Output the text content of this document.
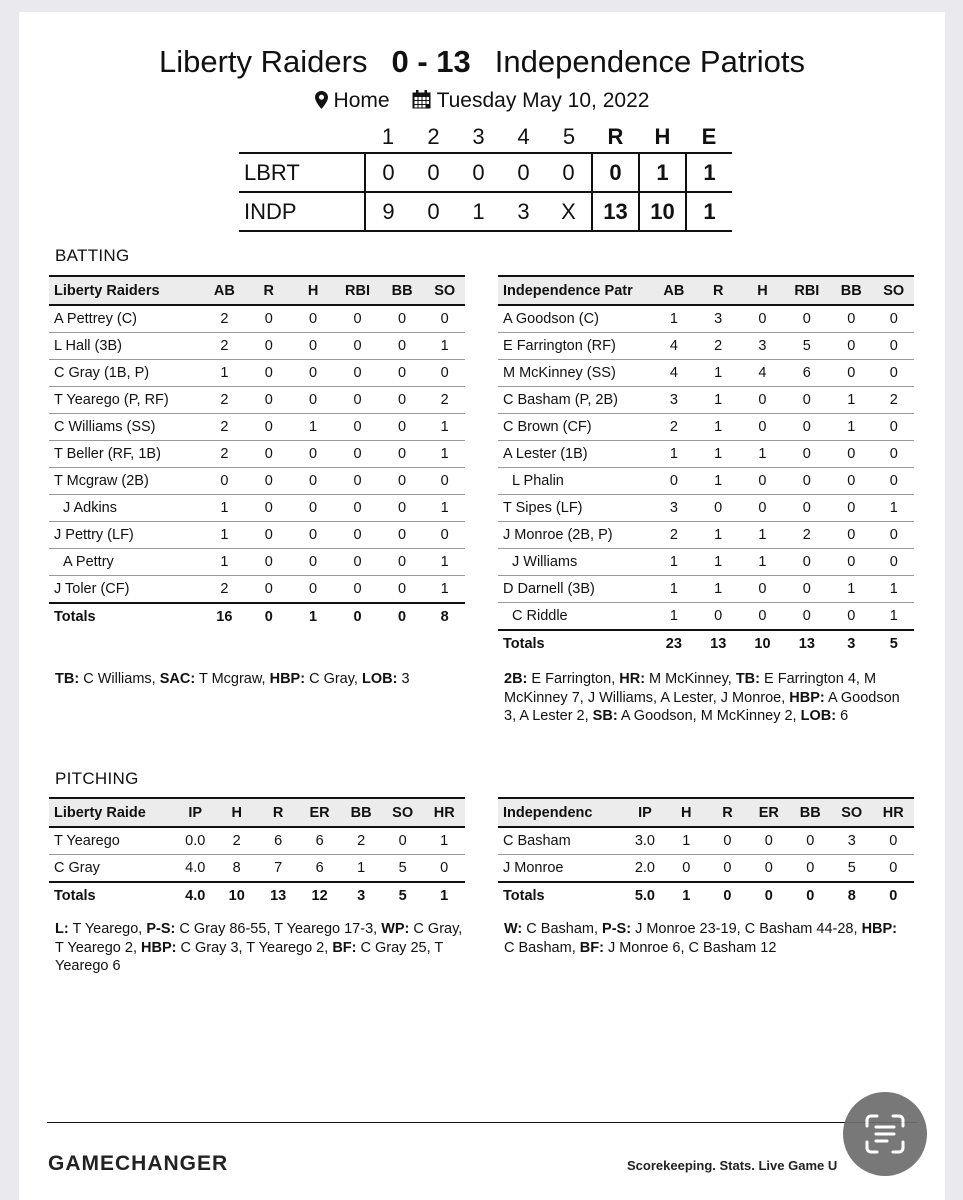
Liberty Raiders 0 - 13 Independence Patriots
Home Tuesday May 10, 2022
	1	2	3	4	5	R	H	E
LBRT	0	0	0	0	0	0	1	1
INDP	9	0	1	3	X	13	10	1
BATTING
Liberty Raiders	AB	R	H	RBI	BB	SO
A Pettrey (C)	2	0	0	0	0	0
L Hall (3B)	2	0	0	0	0	1
C Gray (1B, P)	1	0	0	0	0	0
T Yearego (P, RF)	2	0	0	0	0	2
C Williams (SS)	2	0	1	0	0	1
T Beller (RF, 1B)	2	0	0	0	0	1
T Mcgraw (2B)	0	0	0	0	0	0
J Adkins	1	0	0	0	0	1
J Pettry (LF)	1	0	0	0	0	0
A Pettry	1	0	0	0	0	1
J Toler (CF)	2	0	0	0	0	1
Totals	16	0	1	0	0	8
Independence Patr	AB	R	H	RBI	BB	SO
A Goodson (C)	1	3	0	0	0	0
E Farrington (RF)	4	2	3	5	0	0
M McKinney (SS)	4	1	4	6	0	0
C Basham (P, 2B)	3	1	0	0	1	2
C Brown (CF)	2	1	0	0	1	0
A Lester (1B)	1	1	1	0	0	0
L Phalin	0	1	0	0	0	0
T Sipes (LF)	3	0	0	0	0	1
J Monroe (2B, P)	2	1	1	2	0	0
J Williams	1	1	1	0	0	0
D Darnell (3B)	1	1	0	0	1	1
C Riddle	1	0	0	0	0	1
Totals	23	13	10	13	3	5
TB: C Williams, SAC: T Mcgraw, HBP: C Gray, LOB: 3	2B: E Farrington, HR: M McKinney, TB: E Farrington 4, M McKinney 7, J Williams, A Lester, J Monroe, HBP: A Goodson 3, A Lester 2, SB: A Goodson, M McKinney 2, LOB: 6
PITCHING
Liberty Raide	IP	H	R	ER	BB	SO	HR
T Yearego	0.0	2	6	6	2	0	1
C Gray	4.0	8	7	6	1	5	0
Totals	4.0	10	13	12	3	5	1
Independenc	IP	H	R	ER	BB	SO	HR
C Basham	3.0	1	0	0	0	3	0
J Monroe	2.0	0	0	0	0	5	0
Totals	5.0	1	0	0	0	8	0
L: T Yearego, P-S: C Gray 86-55, T Yearego 17-3, WP: C Gray, T Yearego 2, HBP: C Gray 3, T Yearego 2, BF: C Gray 25, T Yearego 6
W: C Basham, P-S: J Monroe 23-19, C Basham 44-28, HBP: C Basham, BF: J Monroe 6, C Basham 12
GAMECHANGER	Scorekeeping. Stats. Live Game U
